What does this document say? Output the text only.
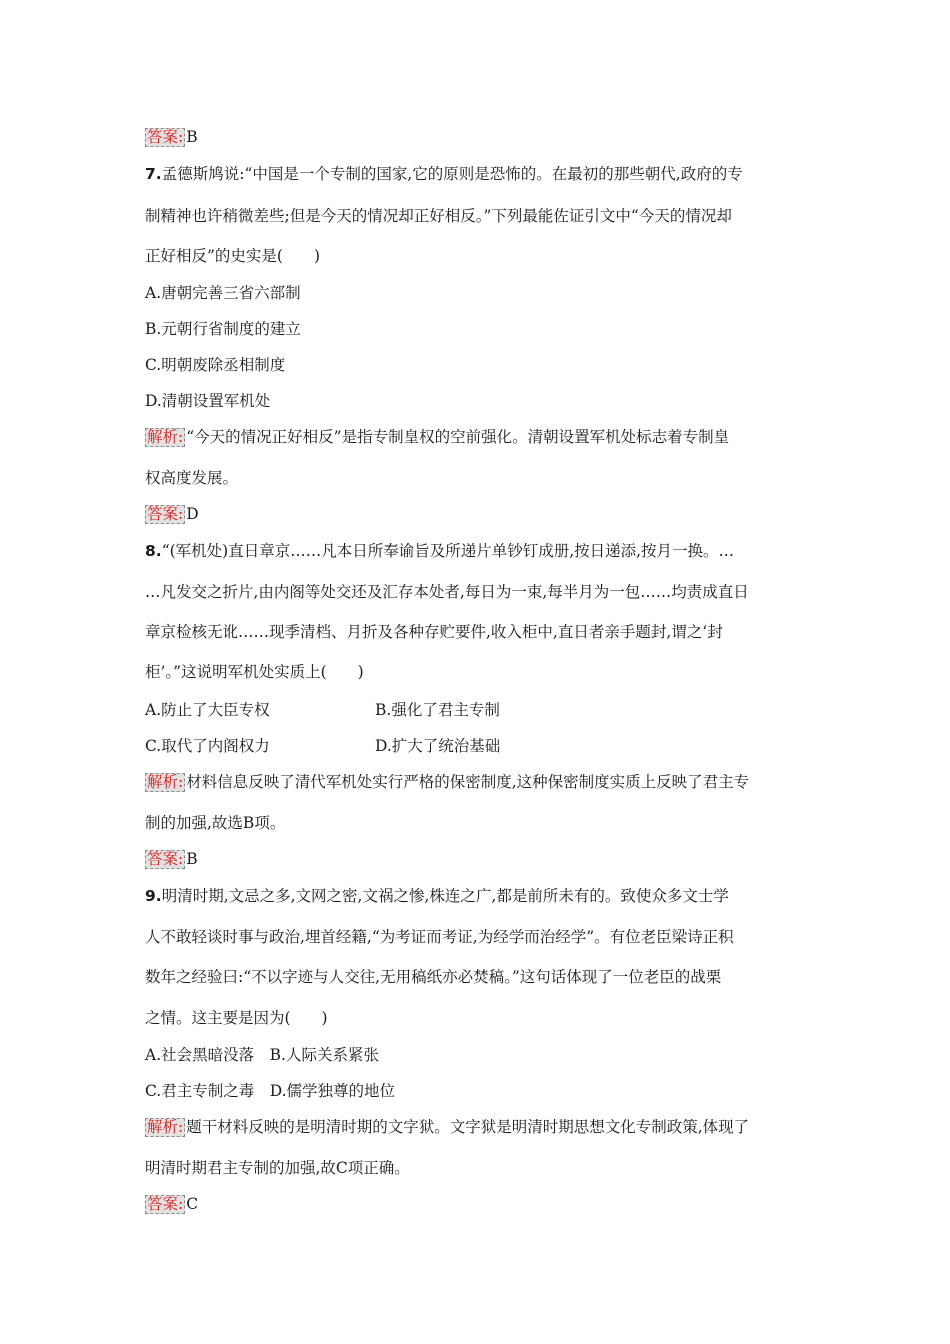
答案: B
7.孟德斯鸠说:“中国是一个专制的国家,它的原则是恐怖的。在最初的那些朝代,政府的专
制精神也许稍微差些;但是今天的情况却正好相反。”下列最能佐证引文中“今天的情况却
正好相反”的史实是(　　)
A.唐朝完善三省六部制
B.元朝行省制度的建立
C.明朝废除丞相制度
D.清朝设置军机处
解析: “今天的情况正好相反”是指专制皇权的空前强化。清朝设置军机处标志着专制皇
权高度发展。
答案: D
8.“(军机处)直日章京……凡本日所奉谕旨及所递片单钞钉成册,按日递添,按月一换。…
…凡发交之折片,由内阁等处交还及汇存本处者,每日为一束,每半月为一包……均责成直日
章京检核无讹……现季清档、月折及各种存贮要件,收入柜中,直日者亲手题封,谓之‘封
柜’。”这说明军机处实质上(　　)
A.防止了大臣专权	B.强化了君主专制
C.取代了内阁权力	D.扩大了统治基础
解析: 材料信息反映了清代军机处实行严格的保密制度,这种保密制度实质上反映了君主专
制的加强,故选B项。
答案: B
9.明清时期,文忌之多,文网之密,文祸之惨,株连之广,都是前所未有的。致使众多文士学
人不敢轻谈时事与政治,埋首经籍,“为考证而考证,为经学而治经学”。有位老臣梁诗正积
数年之经验曰:“不以字迹与人交往,无用稿纸亦必焚稿。”这句话体现了一位老臣的战栗
之情。这主要是因为(　　)
A.社会黑暗没落　B.人际关系紧张
C.君主专制之毒　D.儒学独尊的地位
解析: 题干材料反映的是明清时期的文字狱。文字狱是明清时期思想文化专制政策,体现了
明清时期君主专制的加强,故C项正确。
答案: C
